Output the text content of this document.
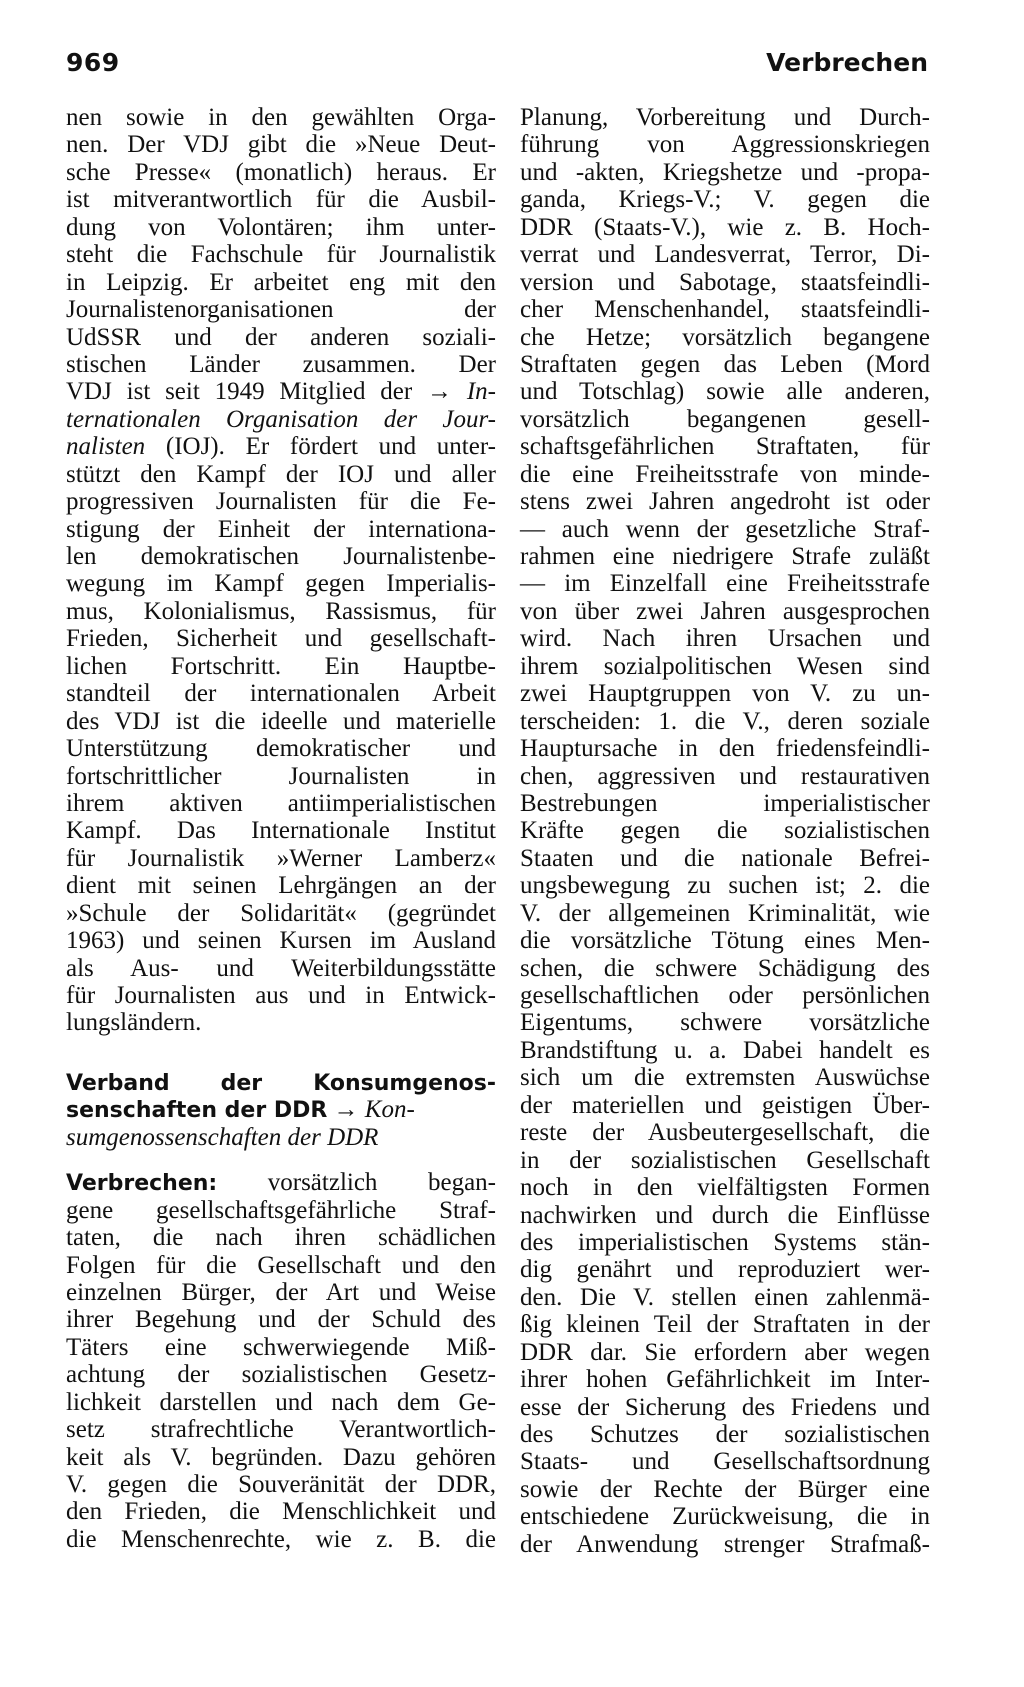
969	Verbrechen
nen sowie in den gewählten Orga-
nen. Der VDJ gibt die »Neue Deut-
sche Presse« (monatlich) heraus. Er
ist mitverantwortlich für die Ausbil-
dung von Volontären; ihm unter-
steht die Fachschule für Journalistik
in Leipzig. Er arbeitet eng mit den
Journalistenorganisationen der
UdSSR und der anderen soziali-
stischen Länder zusammen. Der
VDJ ist seit 1949 Mitglied der → In-
ternationalen Organisation der Jour-
nalisten (IOJ). Er fördert und unter-
stützt den Kampf der IOJ und aller
progressiven Journalisten für die Fe-
stigung der Einheit der internationa-
len demokratischen Journalistenbe-
wegung im Kampf gegen Imperialis-
mus, Kolonialismus, Rassismus, für
Frieden, Sicherheit und gesellschaft-
lichen Fortschritt. Ein Hauptbe-
standteil der internationalen Arbeit
des VDJ ist die ideelle und materielle
Unterstützung demokratischer und
fortschrittlicher Journalisten in
ihrem aktiven antiimperialistischen
Kampf. Das Internationale Institut
für Journalistik »Werner Lamberz«
dient mit seinen Lehrgängen an der
»Schule der Solidarität« (gegründet
1963) und seinen Kursen im Ausland
als Aus- und Weiterbildungsstätte
für Journalisten aus und in Entwick-
lungsländern.
Verband der Konsumgenos-
senschaften der DDR → Kon-
sumgenossenschaften der DDR
Verbrechen: vorsätzlich began-
gene gesellschaftsgefährliche Straf-
taten, die nach ihren schädlichen
Folgen für die Gesellschaft und den
einzelnen Bürger, der Art und Weise
ihrer Begehung und der Schuld des
Täters eine schwerwiegende Miß-
achtung der sozialistischen Gesetz-
lichkeit darstellen und nach dem Ge-
setz strafrechtliche Verantwortlich-
keit als V. begründen. Dazu gehören
V. gegen die Souveränität der DDR,
den Frieden, die Menschlichkeit und
die Menschenrechte, wie z. B. die
Planung, Vorbereitung und Durch-
führung von Aggressionskriegen
und -akten, Kriegshetze und -propa-
ganda, Kriegs-V.; V. gegen die
DDR (Staats-V.), wie z. B. Hoch-
verrat und Landesverrat, Terror, Di-
version und Sabotage, staatsfeindli-
cher Menschenhandel, staatsfeindli-
che Hetze; vorsätzlich begangene
Straftaten gegen das Leben (Mord
und Totschlag) sowie alle anderen,
vorsätzlich begangenen gesell-
schaftsgefährlichen Straftaten, für
die eine Freiheitsstrafe von minde-
stens zwei Jahren angedroht ist oder
— auch wenn der gesetzliche Straf-
rahmen eine niedrigere Strafe zuläßt
— im Einzelfall eine Freiheitsstrafe
von über zwei Jahren ausgesprochen
wird. Nach ihren Ursachen und
ihrem sozialpolitischen Wesen sind
zwei Hauptgruppen von V. zu un-
terscheiden: 1. die V., deren soziale
Hauptursache in den friedensfeindli-
chen, aggressiven und restaurativen
Bestrebungen imperialistischer
Kräfte gegen die sozialistischen
Staaten und die nationale Befrei-
ungsbewegung zu suchen ist; 2. die
V. der allgemeinen Kriminalität, wie
die vorsätzliche Tötung eines Men-
schen, die schwere Schädigung des
gesellschaftlichen oder persönlichen
Eigentums, schwere vorsätzliche
Brandstiftung u. a. Dabei handelt es
sich um die extremsten Auswüchse
der materiellen und geistigen Über-
reste der Ausbeutergesellschaft, die
in der sozialistischen Gesellschaft
noch in den vielfältigsten Formen
nachwirken und durch die Einflüsse
des imperialistischen Systems stän-
dig genährt und reproduziert wer-
den. Die V. stellen einen zahlenmä-
ßig kleinen Teil der Straftaten in der
DDR dar. Sie erfordern aber wegen
ihrer hohen Gefährlichkeit im Inter-
esse der Sicherung des Friedens und
des Schutzes der sozialistischen
Staats- und Gesellschaftsordnung
sowie der Rechte der Bürger eine
entschiedene Zurückweisung, die in
der Anwendung strenger Strafmaß-
